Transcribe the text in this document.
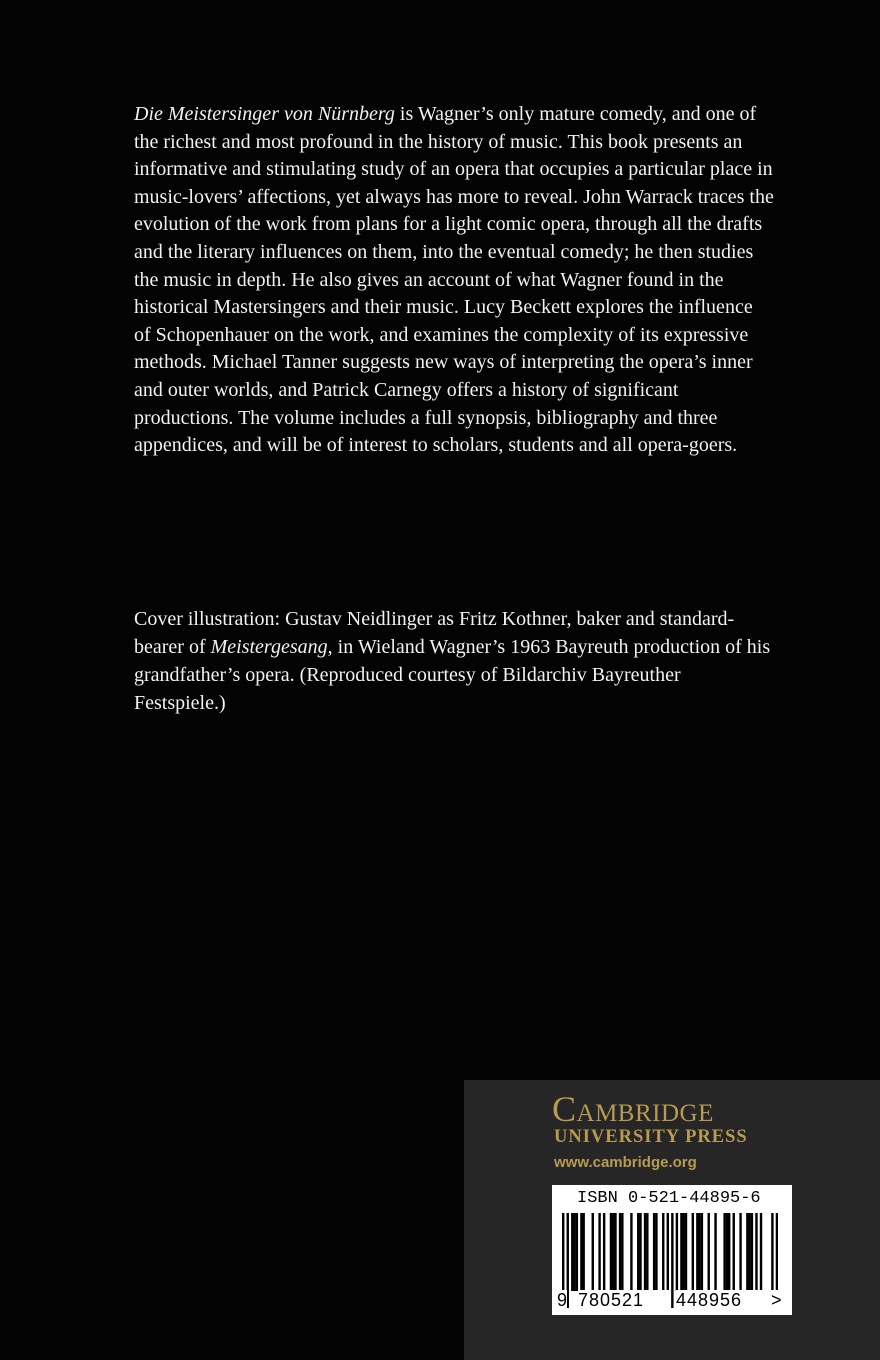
Die Meistersinger von Nürnberg is Wagner’s only mature comedy, and one of the richest and most profound in the history of music. This book presents an informative and stimulating study of an opera that occupies a particular place in music-lovers’ affections, yet always has more to reveal. John Warrack traces the evolution of the work from plans for a light comic opera, through all the drafts and the literary influences on them, into the eventual comedy; he then studies the music in depth. He also gives an account of what Wagner found in the historical Mastersingers and their music. Lucy Beckett explores the influence of Schopenhauer on the work, and examines the complexity of its expressive methods. Michael Tanner suggests new ways of interpreting the opera’s inner and outer worlds, and Patrick Carnegy offers a history of significant productions. The volume includes a full synopsis, bibliography and three appendices, and will be of interest to scholars, students and all opera-goers.

Cover illustration: Gustav Neidlinger as Fritz Kothner, baker and standard-bearer of Meistergesang, in Wieland Wagner’s 1963 Bayreuth production of his grandfather’s opera. (Reproduced courtesy of Bildarchiv Bayreuther Festspiele.)

Cambridge
UNIVERSITY PRESS
www.cambridge.org
ISBN 0-521-44895-6
9 780521	448956	>
